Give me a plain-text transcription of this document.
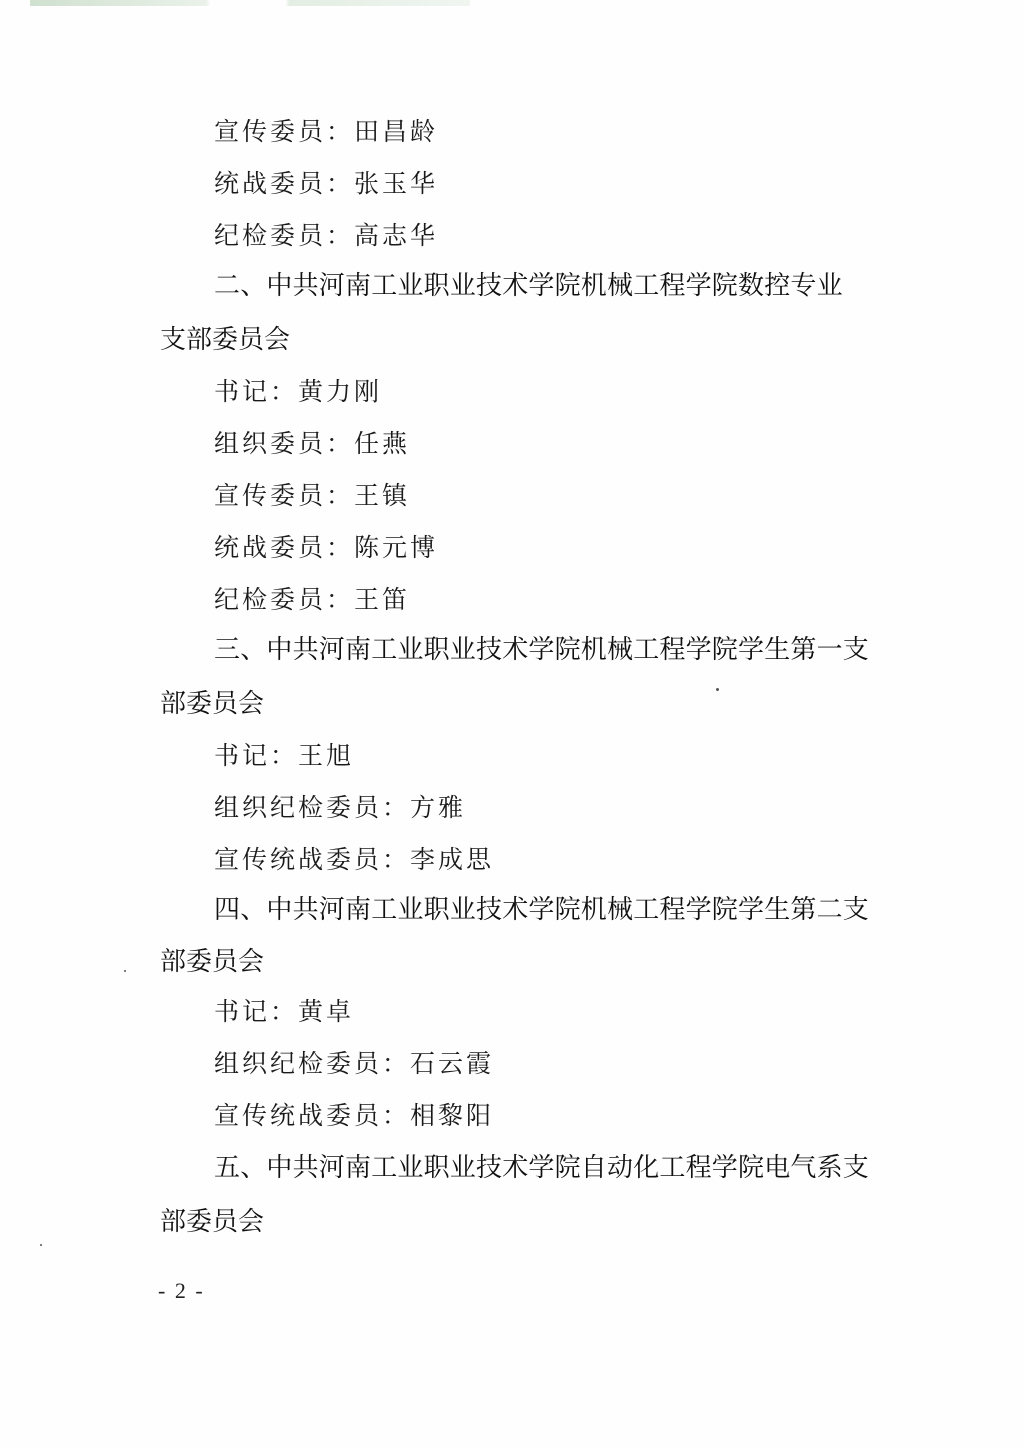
宣传委员：田昌龄
统战委员：张玉华
纪检委员：高志华
二、中共河南工业职业技术学院机械工程学院数控专业
支部委员会
书记：黄力刚
组织委员：任燕
宣传委员：王镇
统战委员：陈元博
纪检委员：王笛
三、中共河南工业职业技术学院机械工程学院学生第一支
部委员会
书记：王旭
组织纪检委员：方雅
宣传统战委员：李成思
四、中共河南工业职业技术学院机械工程学院学生第二支
部委员会
书记：黄卓
组织纪检委员：石云霞
宣传统战委员：相黎阳
五、中共河南工业职业技术学院自动化工程学院电气系支
部委员会
- 2 -
